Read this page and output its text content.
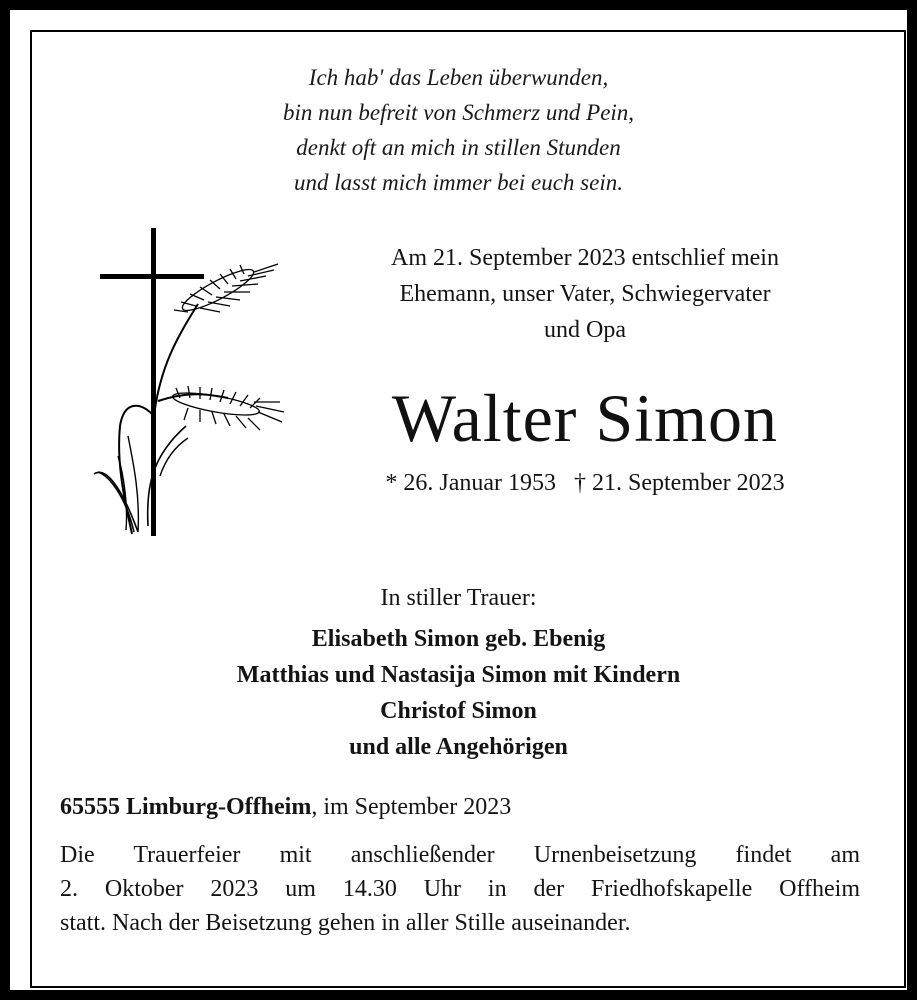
Ich hab' das Leben überwunden,
bin nun befreit von Schmerz und Pein,
denkt oft an mich in stillen Stunden
und lasst mich immer bei euch sein.
Am 21. September 2023 entschlief mein
Ehemann, unser Vater, Schwiegervater
und Opa
Walter Simon
* 26. Januar 1953   † 21. September 2023
In stiller Trauer:
Elisabeth Simon geb. Ebenig
Matthias und Nastasija Simon mit Kindern
Christof Simon
und alle Angehörigen
65555 Limburg-Offheim, im September 2023
Die Trauerfeier mit anschließender Urnenbeisetzung findet am
2. Oktober 2023 um 14.30 Uhr in der Friedhofskapelle Offheim
statt. Nach der Beisetzung gehen in aller Stille auseinander.
